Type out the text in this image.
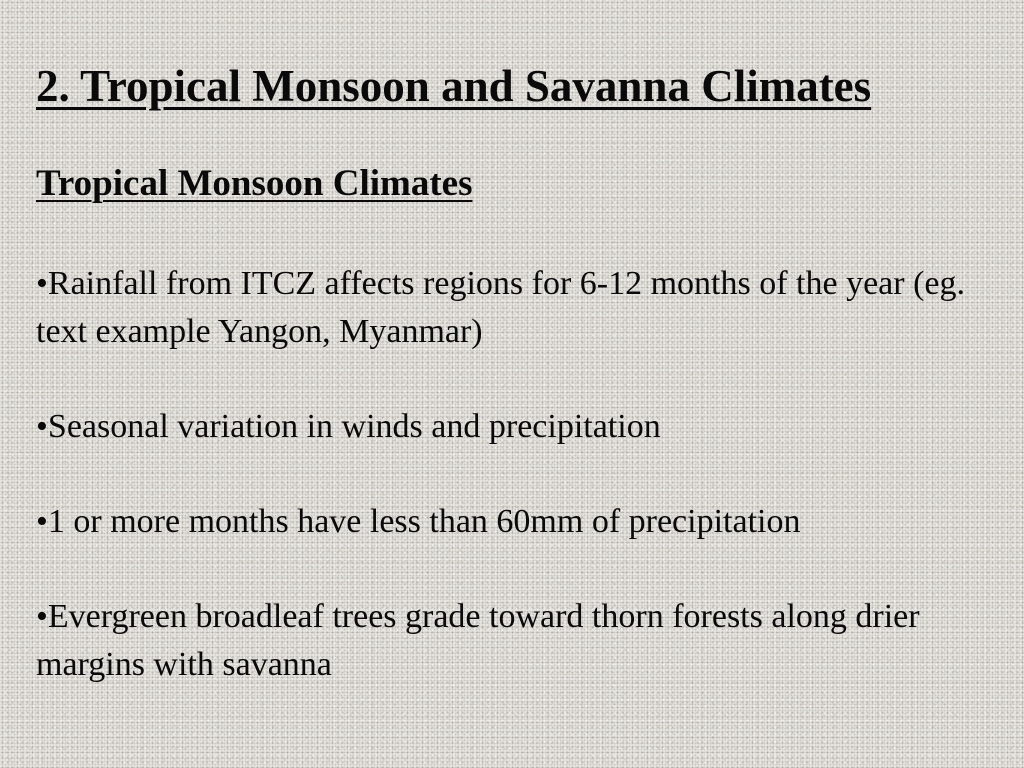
2. Tropical Monsoon and Savanna Climates
Tropical Monsoon Climates
•Rainfall from ITCZ affects regions for 6-12 months of the year (eg. text example Yangon, Myanmar)
•Seasonal variation in winds and precipitation
•1 or more months have less than 60mm of precipitation
•Evergreen broadleaf trees grade toward thorn forests along drier margins with savanna
